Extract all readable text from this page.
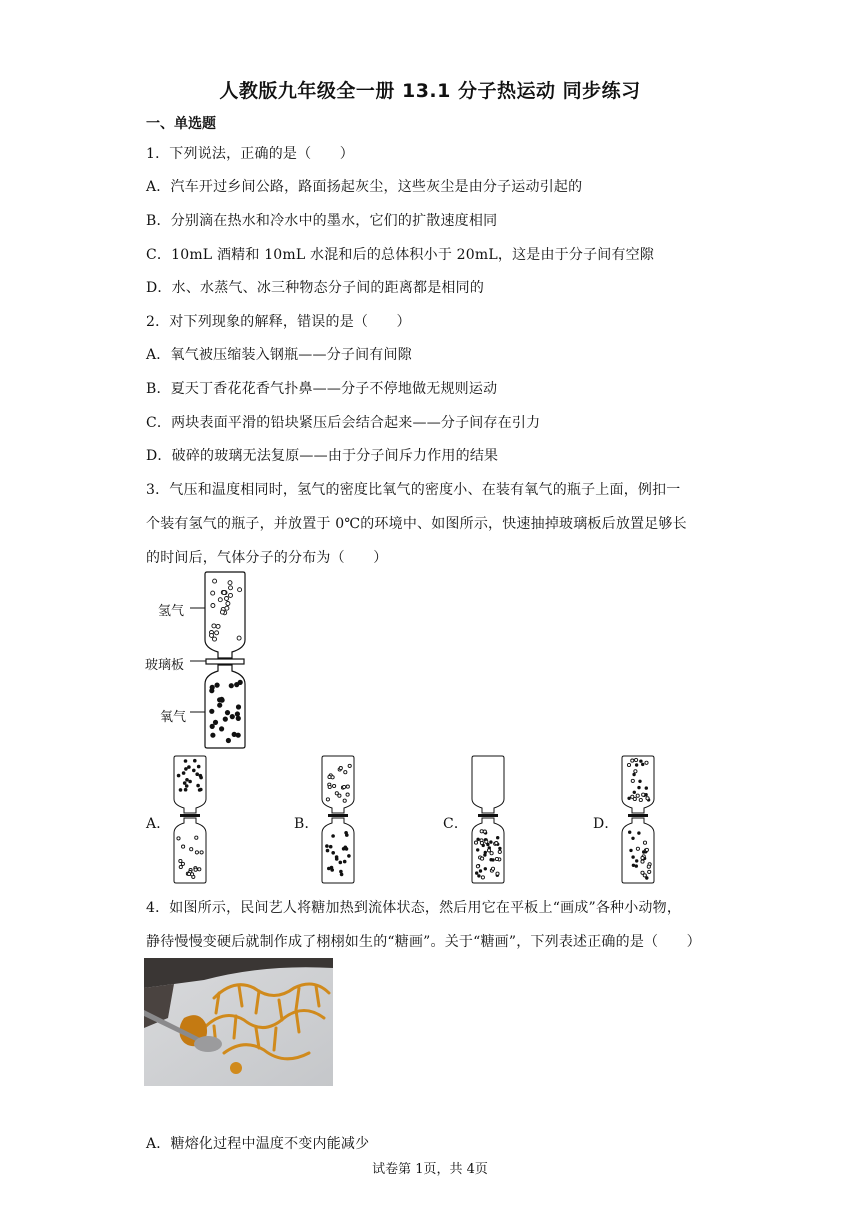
人教版九年级全一册 13.1 分子热运动 同步练习
一、单选题
1．下列说法，正确的是（　　）
A．汽车开过乡间公路，路面扬起灰尘，这些灰尘是由分子运动引起的
B．分别滴在热水和冷水中的墨水，它们的扩散速度相同
C．10mL 酒精和 10mL 水混和后的总体积小于 20mL，这是由于分子间有空隙
D．水、水蒸气、冰三种物态分子间的距离都是相同的
2．对下列现象的解释，错误的是（　　）
A．氧气被压缩装入钢瓶——分子间有间隙
B．夏天丁香花花香气扑鼻——分子不停地做无规则运动
C．两块表面平滑的铅块紧压后会结合起来——分子间存在引力
D．破碎的玻璃无法复原——由于分子间斥力作用的结果
3．气压和温度相同时，氢气的密度比氧气的密度小、在装有氧气的瓶子上面，例扣一
个装有氢气的瓶子，并放置于 0℃的环境中、如图所示，快速抽掉玻璃板后放置足够长
的时间后，气体分子的分布为（　　）
氢气
玻璃板
氧气
A．	B．	C．	D．
4．如图所示，民间艺人将糖加热到流体状态，然后用它在平板上“画成”各种小动物，
静待慢慢变硬后就制作成了栩栩如生的“糖画”。关于“糖画”，下列表述正确的是（　　）
A．糖熔化过程中温度不变内能减少
试卷第 1页，共 4页
